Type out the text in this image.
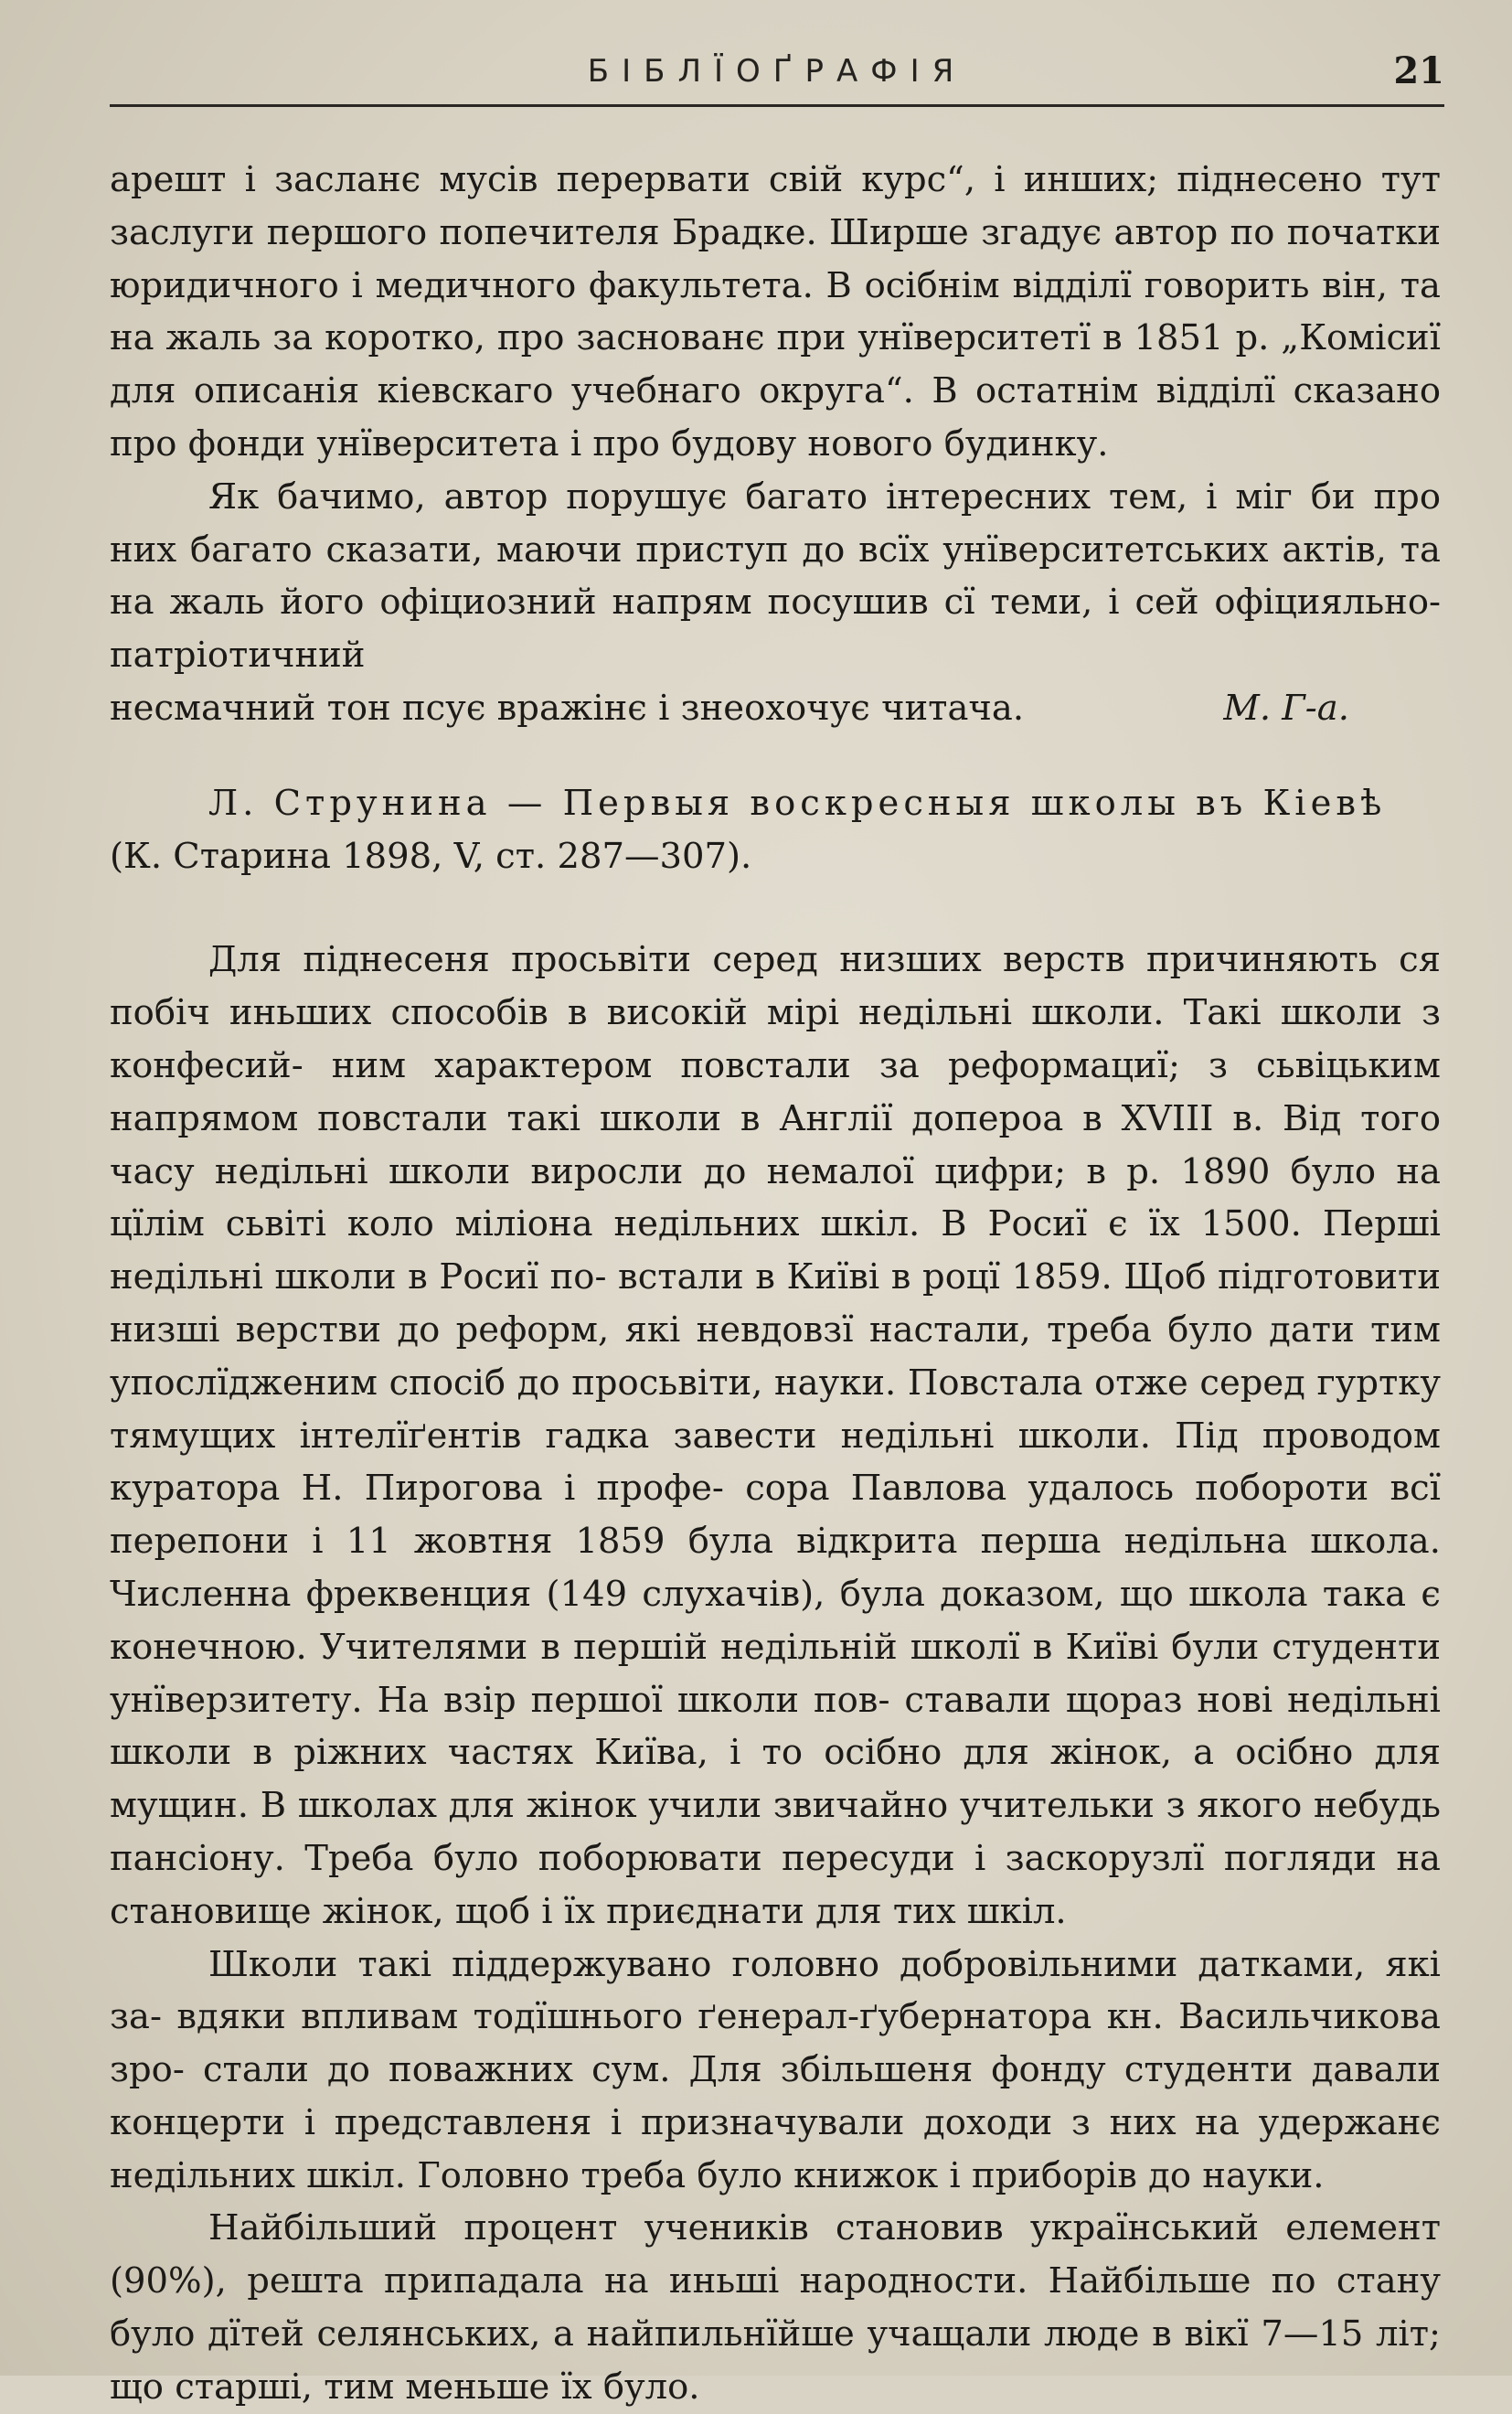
БІБЛЇОҐРАФІЯ	21

арешт і засланє мусів перервати свій курс“, і инших; піднесено тут заслуги першого попечителя Брадке. Ширше згадує автор по початки юридичного і медичного факультета. В осібнім відділї говорить він, та на жаль за коротко, про заснованє при унїверситетї в 1851 р. „Комісиї для описанія кіевскаго учебнаго округа“. В остатнім відділї сказано про фонди унїверситета і про будову нового будинку.

Як бачимо, автор порушує багато інтересних тем, і міг би про них багато сказати, маючи приступ до всїх унїверситетських актів, та на жаль його офіциозний напрям посушив сї теми, і сей офіцияльно-патріотичний

несмачний тон псує вражінє і знеохочує читача.	М. Г-а.

Л. Струнина — Первыя воскресныя школы въ Кіевѣ

(К. Старина 1898, V, ст. 287—307).

Для піднесеня просьвіти серед низших верств причиняють ся побіч иньших способів в високій мірі недільні школи. Такі школи з конфесий- ним характером повстали за реформациї; з сьвіцьким напрямом повстали такі школи в Англії допероа в XVIII в. Від того часу недільні школи виросли до немалої цифри; в р. 1890 було на цїлім сьвіті коло міліона недільних шкіл. В Росиї є їх 1500. Перші недільні школи в Росиї по- встали в Київі в роцї 1859. Щоб підготовити низші верстви до реформ, які невдовзї настали, треба було дати тим упослїдженим спосіб до просьвіти, науки. Повстала отже серед гуртку тямущих інтелїґентів гадка завести недільні школи. Під проводом куратора Н. Пирогова і профе- сора Павлова удалось побороти всї перепони і 11 жовтня 1859 була відкрита перша недільна школа. Численна фреквенция (149 слухачів), була доказом, що школа така є конечною. Учителями в першій недільній школї в Київі були студенти унїверзитету. На взір першої школи пов- ставали щораз нові недільні школи в ріжних частях Київа, і то осібно для жінок, а осібно для мущин. В школах для жінок учили звичайно учительки з якого небудь пансіону. Треба було поборювати пересуди і заскорузлї погляди на становище жінок, щоб і їх приєднати для тих шкіл.

Школи такі піддержувано головно добровільними датками, які за- вдяки впливам тодїшнього ґенерал-ґубернатора кн. Васильчикова зро- стали до поважних сум. Для збільшеня фонду студенти давали концерти і представленя і призначували доходи з них на удержанє недільних шкіл. Головно треба було книжок і приборів до науки.

Найбільший процент учеників становив український елемент (90%), решта припадала на иньші народности. Найбільше по стану було дїтей селянських, а найпильнїйше учащали люде в вікї 7—15 літ; що старші, тим меньше їх було.
